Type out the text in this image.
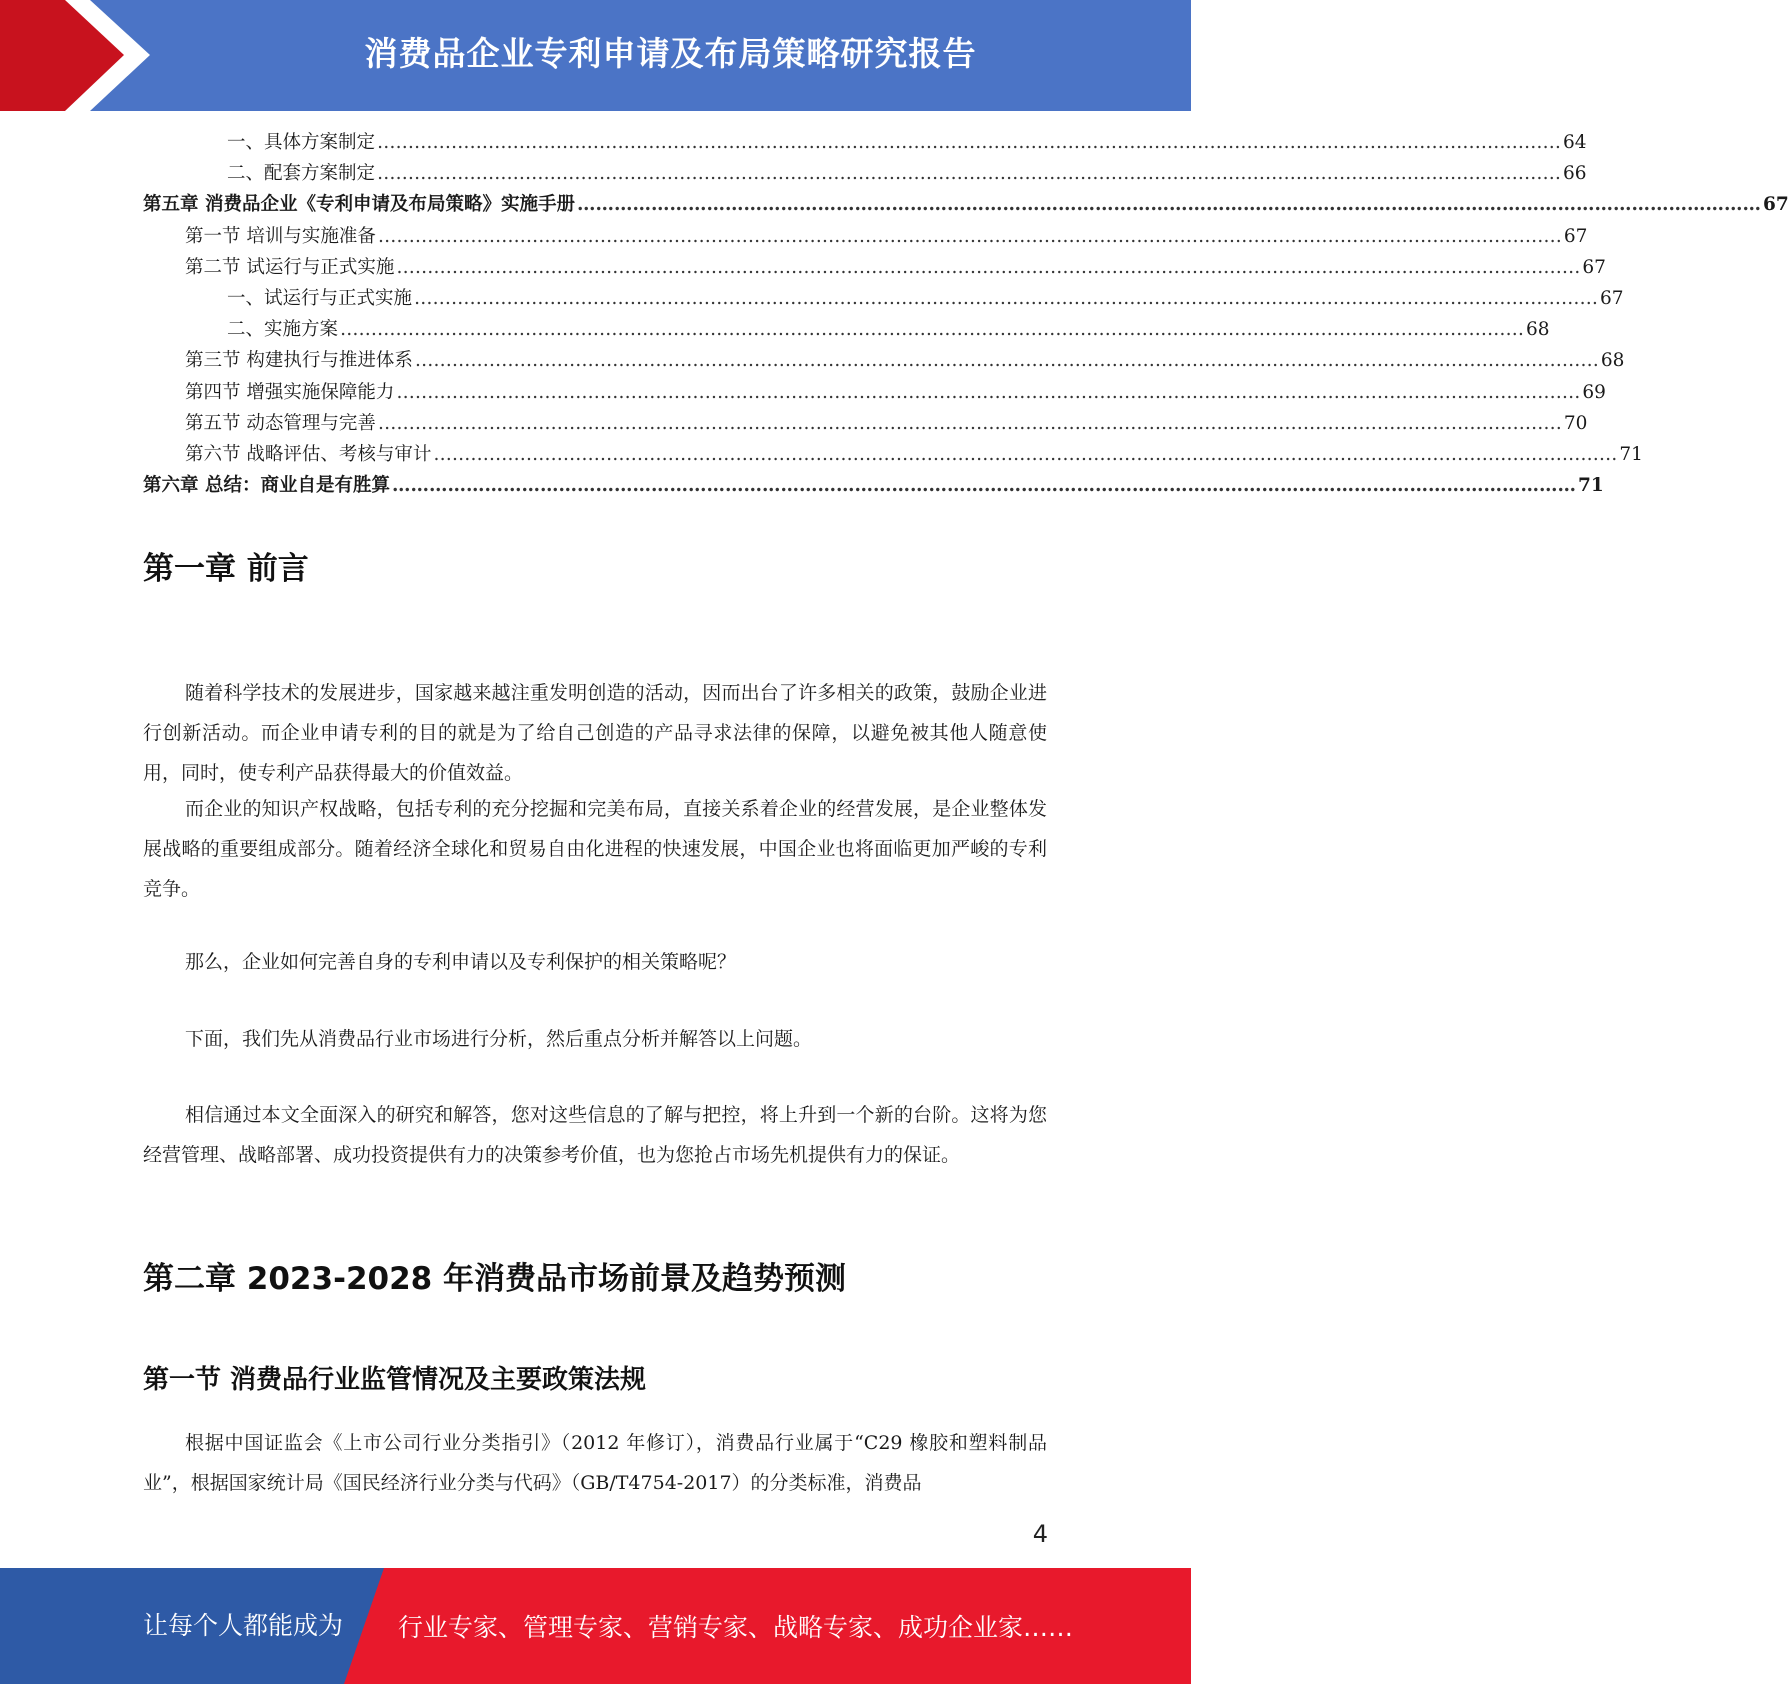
消费品企业专利申请及布局策略研究报告
一、具体方案制定 ………………………………………………………………………………………………………………………………………………………………………… 64
二、配套方案制定 ………………………………………………………………………………………………………………………………………………………………………… 66
第五章 消费品企业《专利申请及布局策略》实施手册 ………………………………………………………………………………………………………………………………………………………………………… 67
第一节 培训与实施准备 ………………………………………………………………………………………………………………………………………………………………………… 67
第二节 试运行与正式实施 ………………………………………………………………………………………………………………………………………………………………………… 67
一、试运行与正式实施 ………………………………………………………………………………………………………………………………………………………………………… 67
二、实施方案 ………………………………………………………………………………………………………………………………………………………………………… 68
第三节 构建执行与推进体系 ………………………………………………………………………………………………………………………………………………………………………… 68
第四节 增强实施保障能力 ………………………………………………………………………………………………………………………………………………………………………… 69
第五节 动态管理与完善 ………………………………………………………………………………………………………………………………………………………………………… 70
第六节 战略评估、考核与审计 ………………………………………………………………………………………………………………………………………………………………………… 71
第六章 总结：商业自是有胜算 ………………………………………………………………………………………………………………………………………………………………………… 71
第一章 前言

随着科学技术的发展进步，国家越来越注重发明创造的活动，因而出台了许多相关的政策，鼓励企业进行创新活动。而企业申请专利的目的就是为了给自己创造的产品寻求法律的保障，以避免被其他人随意使用，同时，使专利产品获得最大的价值效益。

而企业的知识产权战略，包括专利的充分挖掘和完美布局，直接关系着企业的经营发展，是企业整体发展战略的重要组成部分。随着经济全球化和贸易自由化进程的快速发展，中国企业也将面临更加严峻的专利竞争。

那么，企业如何完善自身的专利申请以及专利保护的相关策略呢？

下面，我们先从消费品行业市场进行分析，然后重点分析并解答以上问题。

相信通过本文全面深入的研究和解答，您对这些信息的了解与把控，将上升到一个新的台阶。这将为您经营管理、战略部署、成功投资提供有力的决策参考价值，也为您抢占市场先机提供有力的保证。

第二章 2023-2028 年消费品市场前景及趋势预测
第一节 消费品行业监管情况及主要政策法规

根据中国证监会《上市公司行业分类指引》（2012 年修订），消费品行业属于“C29 橡胶和塑料制品业”，根据国家统计局《国民经济行业分类与代码》（GB/T4754-2017）的分类标准，消费品

4
让每个人都能成为 行业专家、管理专家、营销专家、战略专家、成功企业家……
